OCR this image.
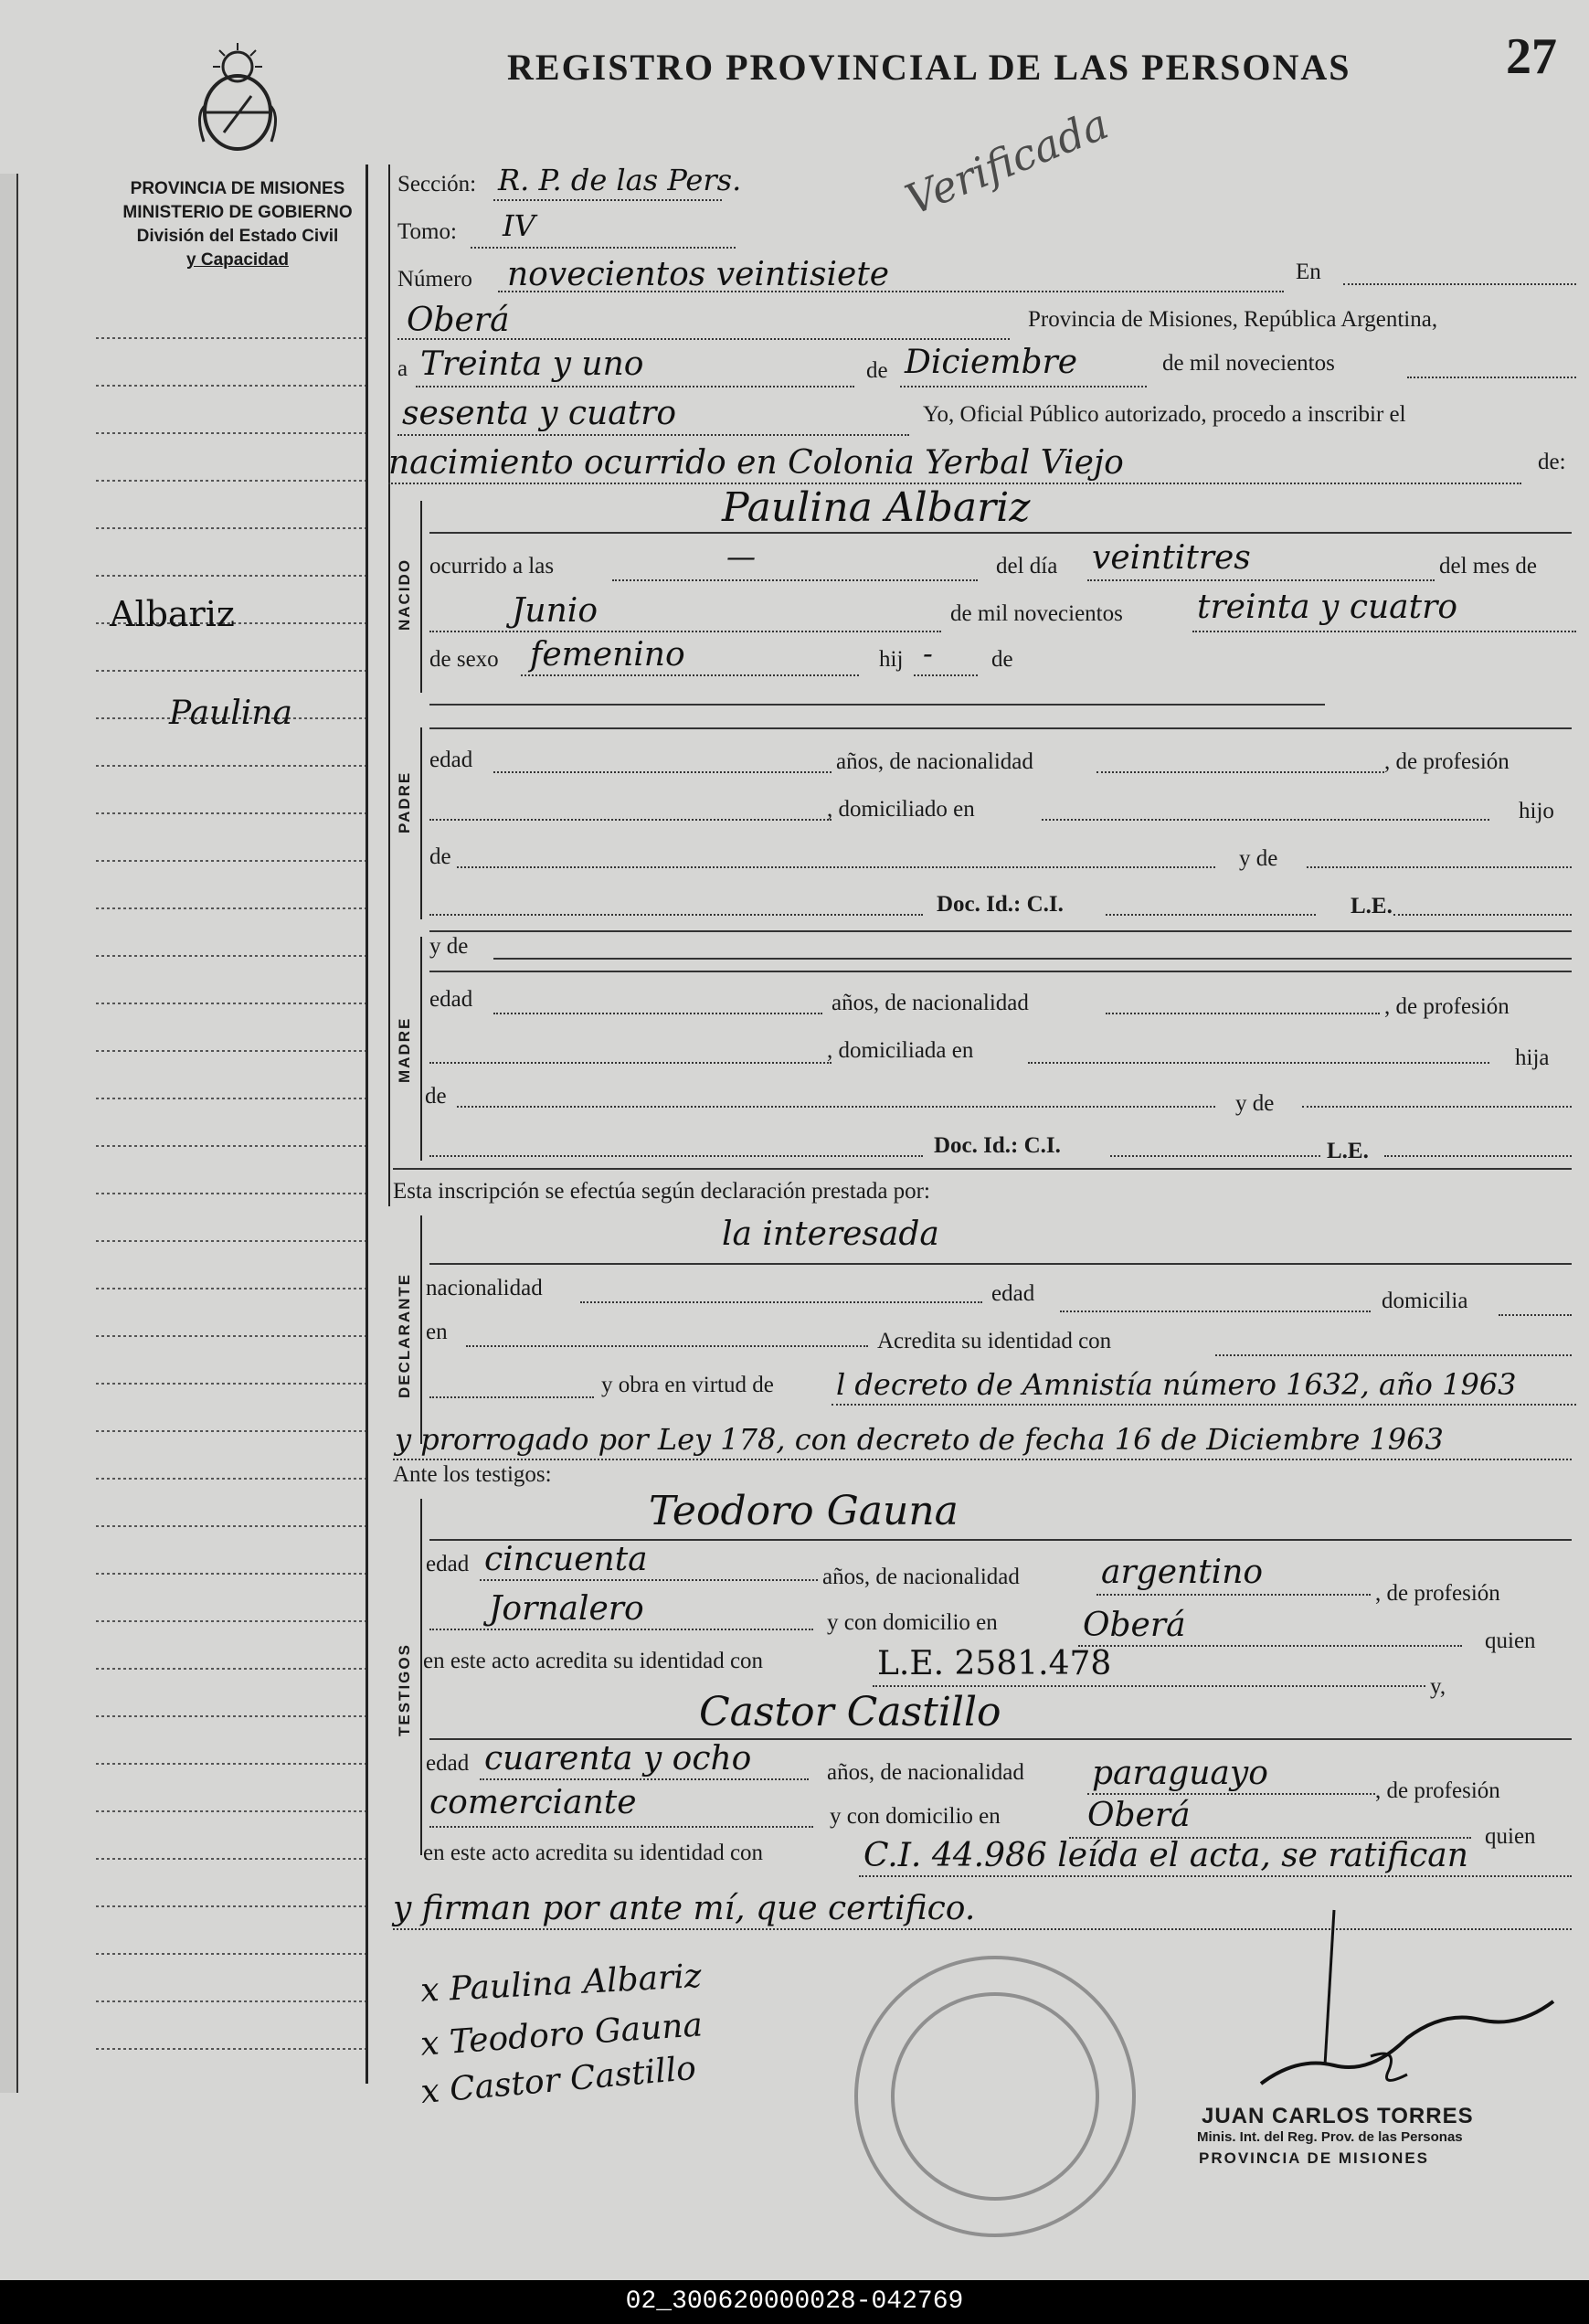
REGISTRO PROVINCIAL DE LAS PERSONAS	27
Verificada
PROVINCIA DE MISIONES
MINISTERIO DE GOBIERNO
División del Estado Civil
y Capacidad
Albariz
Paulina
Sección: R. P. de las Pers.
Tomo: IV
Número novecientos veintisiete	En
Oberá	Provincia de Misiones, República Argentina,
a Treinta y uno	de Diciembre	de mil novecientos
sesenta y cuatro	Yo, Oficial Público autorizado, procedo a inscribir el
nacimiento ocurrido en Colonia Yerbal Viejo	de:
NACIDO
Paulina Albariz
ocurrido a las	—	del día veintitres	del mes de
Junio	de mil novecientos treinta y cuatro
de sexo femenino	hij -	de
PADRE
edad	años, de nacionalidad	, de profesión
, domiciliado en	hijo
de	y de
Doc. Id.: C.I.	L.E.
MADRE
y de
edad	años, de nacionalidad	, de profesión
, domiciliada en	hija
de	y de
Doc. Id.: C.I.	L.E.
Esta inscripción se efectúa según declaración prestada por:
DECLARANTE
la interesada
nacionalidad	edad	domicilia
en	Acredita su identidad con
y obra en virtud de l decreto de Amnistía número 1632, año 1963
y prorrogado por Ley 178, con decreto de fecha 16 de Diciembre 1963
Ante los testigos:
TESTIGOS
Teodoro Gauna
edad cincuenta	años, de nacionalidad argentino
, de profesión
Jornalero	y con domicilio en	Oberá	quien
en este acto acredita su identidad con	L.E. 2581.478
y,
Castor Castillo
edad cuarenta y ocho	años, de nacionalidad paraguayo	, de profesión
comerciante	y con domicilio en	Oberá
quien
en este acto acredita su identidad con	C.I. 44.986 leída el acta, se ratifican
y firman por ante mí, que certifico.
x Paulina Albariz
x Teodoro Gauna
x Castor Castillo
JUAN CARLOS TORRES
Minis. Int. del Reg. Prov. de las Personas
PROVINCIA DE MISIONES
02_300620000028-042769
